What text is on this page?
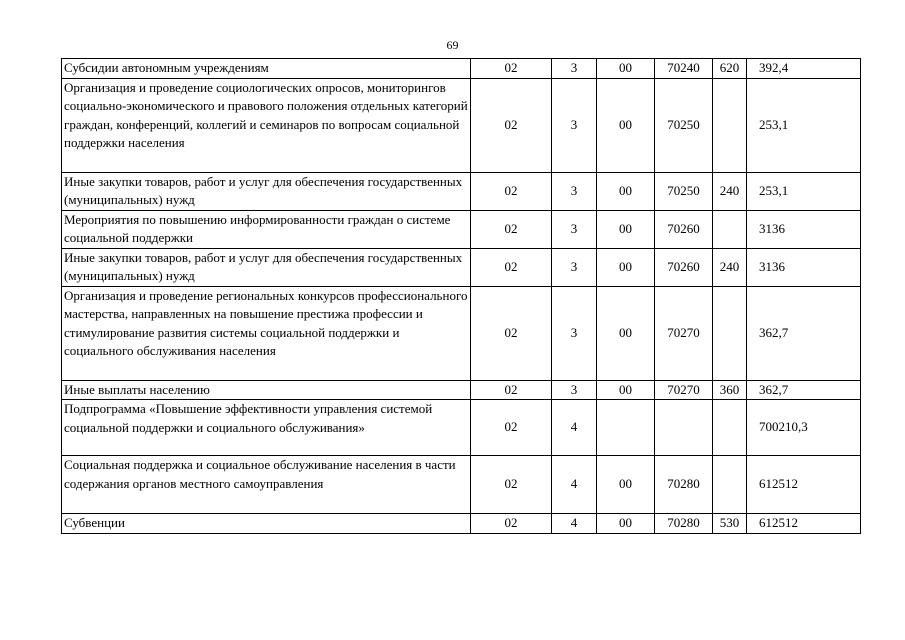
69
Субсидии автономным учреждениям	02	3	00	70240	620	392,4
Организация и проведение социологических опросов, мониторингов социально-экономического и правового положения отдельных категорий граждан, конференций, коллегий и семинаров по вопросам социальной поддержки населения	02	3	00	70250		253,1
Иные закупки товаров, работ и услуг для обеспечения государственных (муниципальных) нужд	02	3	00	70250	240	253,1
Мероприятия по повышению информированности граждан о системе социальной поддержки	02	3	00	70260		3136
Иные закупки товаров, работ и услуг для обеспечения государственных (муниципальных) нужд	02	3	00	70260	240	3136
Организация и проведение региональных конкурсов профессионального мастерства, направленных на повышение престижа профессии и стимулирование развития системы социальной поддержки и социального обслуживания населения	02	3	00	70270		362,7
Иные выплаты населению	02	3	00	70270	360	362,7
Подпрограмма «Повышение эффективности управления системой социальной поддержки и социального обслуживания»	02	4				700210,3
Социальная поддержка и социальное обслуживание населения в части содержания органов местного самоуправления	02	4	00	70280		612512
Субвенции	02	4	00	70280	530	612512
